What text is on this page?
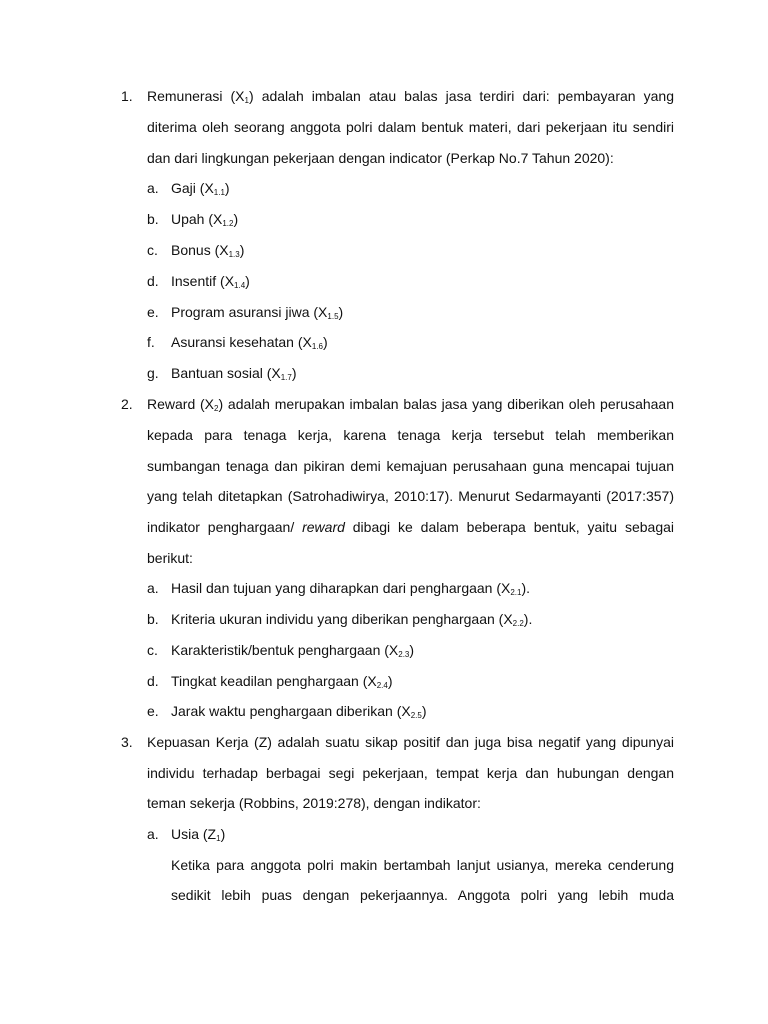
1. Remunerasi $(X_1)$ adalah imbalan atau balas jasa terdiri dari: pembayaran yang
diterima oleh seorang anggota polri dalam bentuk materi, dari pekerjaan itu sendiri
dan dari lingkungan pekerjaan dengan indicator (Perkap No.7 Tahun 2020):
a. Gaji $(X_{1.1})$
b. Upah $(X_{1.2})$
c. Bonus $(X_{1.3})$
d. Insentif $(X_{1.4})$
e. Program asuransi jiwa $(X_{1.5})$
f. Asuransi kesehatan $(X_{1.6})$
g. Bantuan sosial $(X_{1.7})$
2. Reward $(X_2)$ adalah merupakan imbalan balas jasa yang diberikan oleh perusahaan
kepada para tenaga kerja, karena tenaga kerja tersebut telah memberikan
sumbangan tenaga dan pikiran demi kemajuan perusahaan guna mencapai tujuan
yang telah ditetapkan (Satrohadiwirya, 2010:17). Menurut Sedarmayanti (2017:357)
indikator penghargaan/ reward dibagi ke dalam beberapa bentuk, yaitu sebagai
berikut:
a. Hasil dan tujuan yang diharapkan dari penghargaan $(X_{2.1})$.
b. Kriteria ukuran individu yang diberikan penghargaan $(X_{2.2})$.
c. Karakteristik/bentuk penghargaan $(X_{2.3})$
d. Tingkat keadilan penghargaan $(X_{2.4})$
e. Jarak waktu penghargaan diberikan $(X_{2.5})$
3. Kepuasan Kerja (Z) adalah suatu sikap positif dan juga bisa negatif yang dipunyai
individu terhadap berbagai segi pekerjaan, tempat kerja dan hubungan dengan
teman sekerja (Robbins, 2019:278), dengan indikator:
a. Usia $(Z_1)$
Ketika para anggota polri makin bertambah lanjut usianya, mereka cenderung
sedikit lebih puas dengan pekerjaannya. Anggota polri yang lebih muda
